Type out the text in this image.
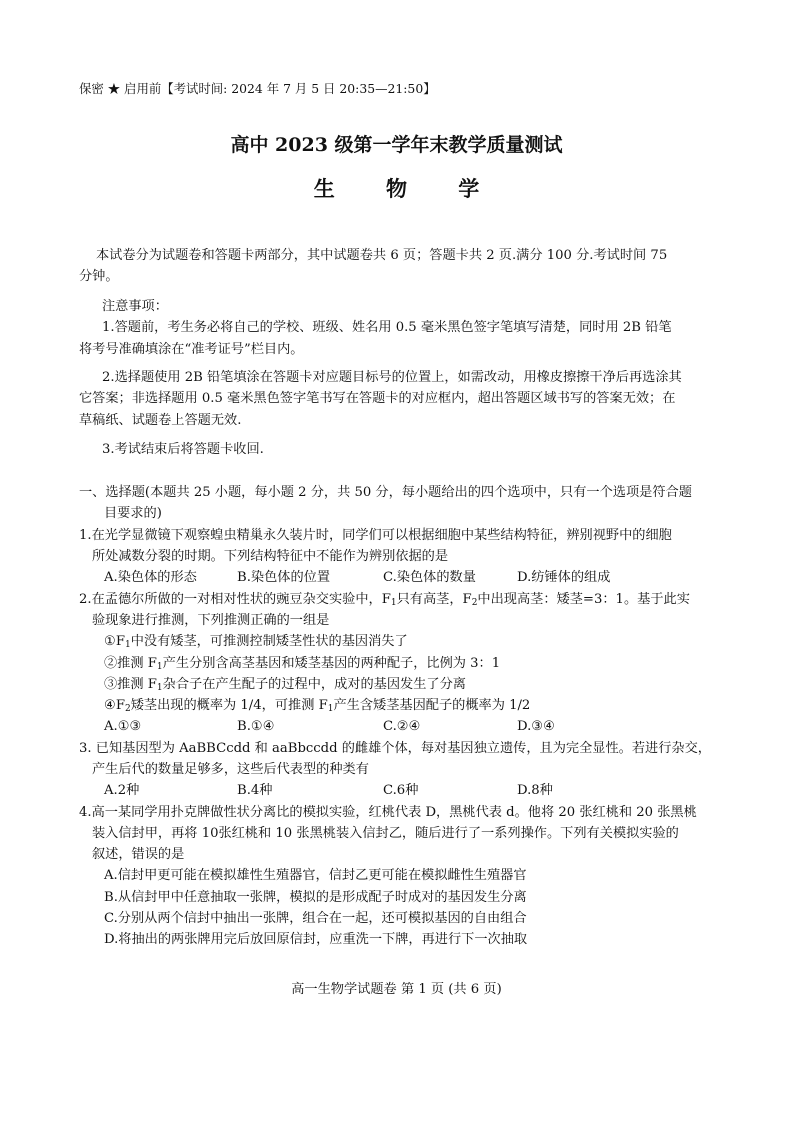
保密 ★ 启用前【考试时间: 2024 年 7 月 5 日 20:35—21:50】
高中 2023 级第一学年末教学质量测试
生 物 学
本试卷分为试题卷和答题卡两部分，其中试题卷共 6 页；答题卡共 2 页.满分 100 分.考试时间 75
分钟。
注意事项：
1.答题前，考生务必将自己的学校、班级、姓名用 0.5 毫米黑色签字笔填写清楚，同时用 2B 铅笔
将考号准确填涂在“准考证号”栏目内。
2.选择题使用 2B 铅笔填涂在答题卡对应题目标号的位置上，如需改动，用橡皮擦擦干净后再选涂其
它答案；非选择题用 0.5 毫米黑色签字笔书写在答题卡的对应框内，超出答题区域书写的答案无效；在
草稿纸、试题卷上答题无效.
3.考试结束后将答题卡收回.
一、选择题(本题共 25 小题，每小题 2 分，共 50 分，每小题给出的四个选项中，只有一个选项是符合题
目要求的)
1.在光学显微镜下观察蝗虫精巢永久装片时，同学们可以根据细胞中某些结构特征，辨别视野中的细胞
所处减数分裂的时期。下列结构特征中不能作为辨别依据的是
A.染色体的形态	B.染色体的位置	C.染色体的数量	D.纺锤体的组成
2.在孟德尔所做的一对相对性状的豌豆杂交实验中，$F_1$只有高茎，$F_2$中出现高茎：矮茎=3：1。基于此实
验现象进行推测，下列推测正确的一组是
$①F_1$中没有矮茎，可推测控制矮茎性状的基因消失了
②推测 $F_1$产生分别含高茎基因和矮茎基因的两种配子，比例为 3：1
③推测 $F_1$杂合子在产生配子的过程中，成对的基因发生了分离
$④F_2$矮茎出现的概率为 1/4，可推测 $F_1$产生含矮茎基因配子的概率为 1/2
A.①③	B.①④	C.②④	D.③④
3. 已知基因型为 AaBBCcdd 和 aaBbccdd 的雌雄个体，每对基因独立遗传，且为完全显性。若进行杂交，
产生后代的数量足够多，这些后代表型的种类有
A.2种	B.4种	C.6种	D.8种
4.高一某同学用扑克牌做性状分离比的模拟实验，红桃代表 D，黑桃代表 d。他将 20 张红桃和 20 张黑桃
装入信封甲，再将 10张红桃和 10 张黑桃装入信封乙，随后进行了一系列操作。下列有关模拟实验的
叙述，错误的是
A.信封甲更可能在模拟雄性生殖器官，信封乙更可能在模拟雌性生殖器官
B.从信封甲中任意抽取一张牌，模拟的是形成配子时成对的基因发生分离
C.分别从两个信封中抽出一张牌，组合在一起，还可模拟基因的自由组合
D.将抽出的两张牌用完后放回原信封，应重洗一下牌，再进行下一次抽取
高一生物学试题卷 第 1 页 (共 6 页)
